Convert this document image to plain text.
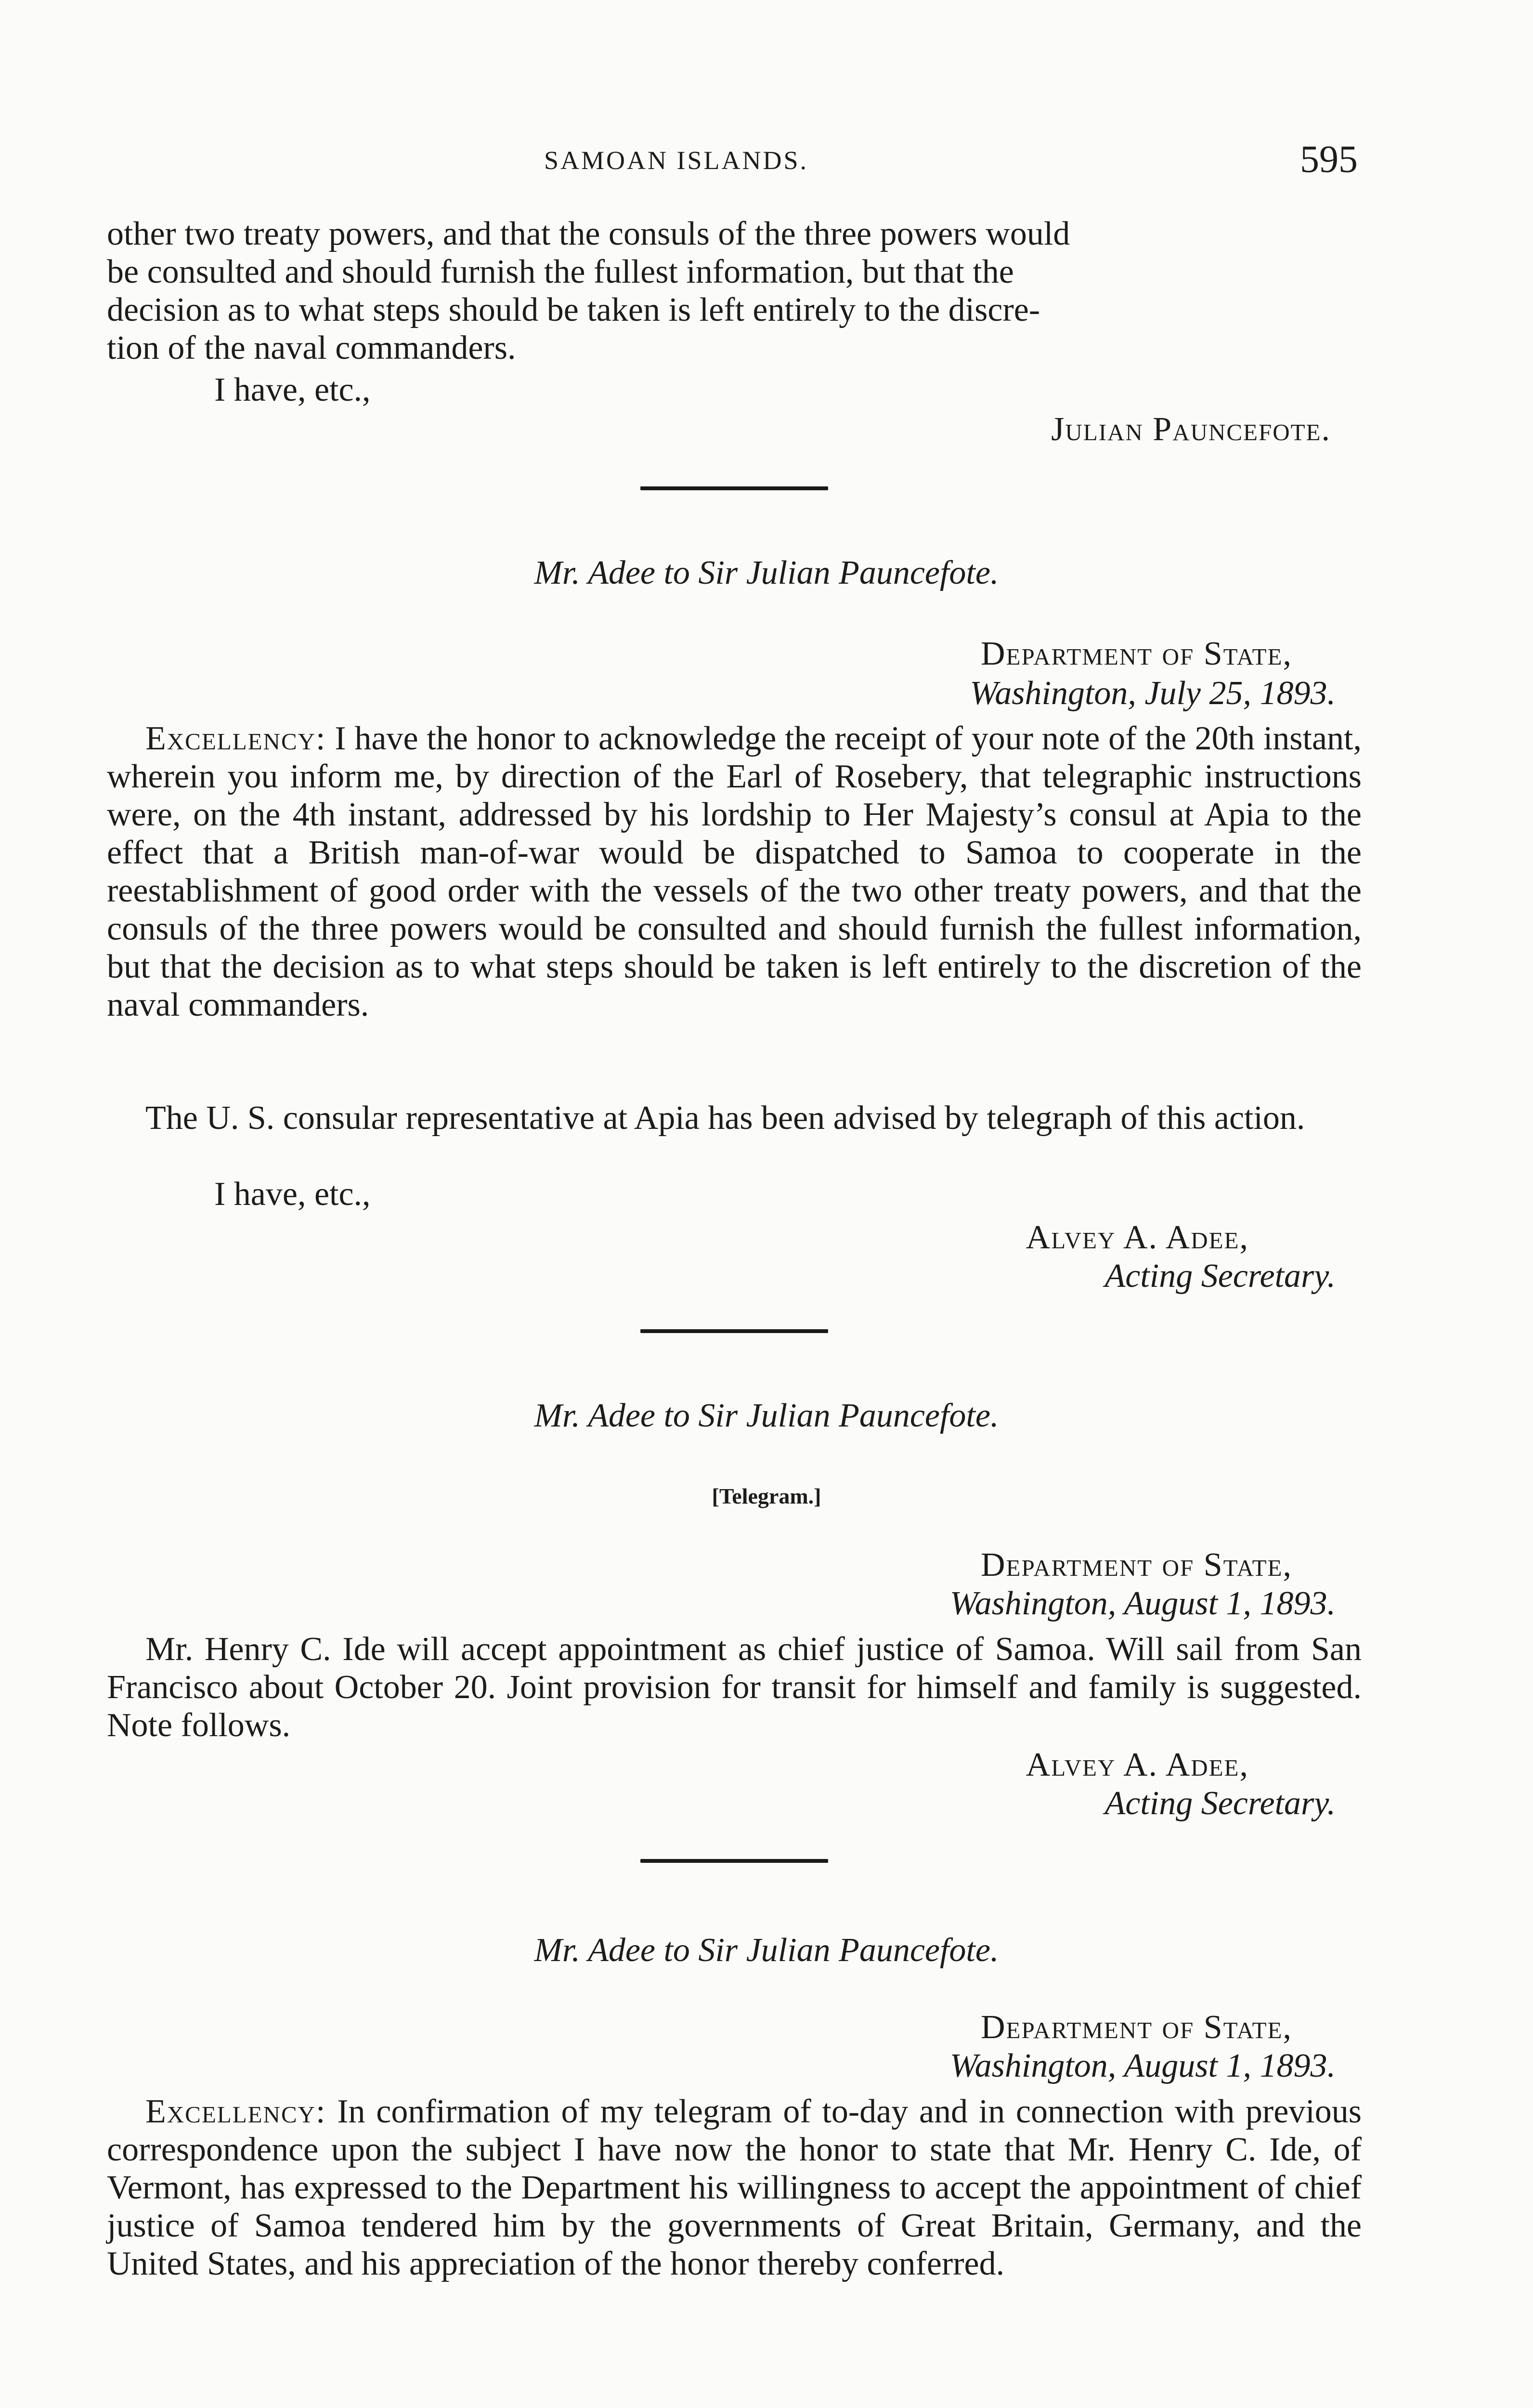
SAMOAN ISLANDS.	595
other two treaty powers, and that the consuls of the three powers would
be consulted and should furnish the fullest information, but that the
decision as to what steps should be taken is left entirely to the discre-
tion of the naval commanders.
I have, etc.,
Julian Pauncefote.
Mr. Adee to Sir Julian Pauncefote.
Department of State,
Washington, July 25, 1893.
Excellency: I have the honor to acknowledge the receipt of your note of the 20th instant, wherein you inform me, by direction of the Earl of Rosebery, that telegraphic instructions were, on the 4th instant, addressed by his lordship to Her Majesty’s consul at Apia to the effect that a British man-of-war would be dispatched to Samoa to cooperate in the reestablishment of good order with the vessels of the two other treaty powers, and that the consuls of the three powers would be consulted and should furnish the fullest information, but that the decision as to what steps should be taken is left entirely to the discretion of the naval commanders.
The U. S. consular representative at Apia has been advised by telegraph of this action.
I have, etc.,
Alvey A. Adee,
Acting Secretary.
Mr. Adee to Sir Julian Pauncefote.
[Telegram.]
Department of State,
Washington, August 1, 1893.
Mr. Henry C. Ide will accept appointment as chief justice of Samoa. Will sail from San Francisco about October 20. Joint provision for transit for himself and family is suggested. Note follows.
Alvey A. Adee,
Acting Secretary.
Mr. Adee to Sir Julian Pauncefote.
Department of State,
Washington, August 1, 1893.
Excellency: In confirmation of my telegram of to-day and in connection with previous correspondence upon the subject I have now the honor to state that Mr. Henry C. Ide, of Vermont, has expressed to the Department his willingness to accept the appointment of chief justice of Samoa tendered him by the governments of Great Britain, Germany, and the United States, and his appreciation of the honor thereby conferred.
